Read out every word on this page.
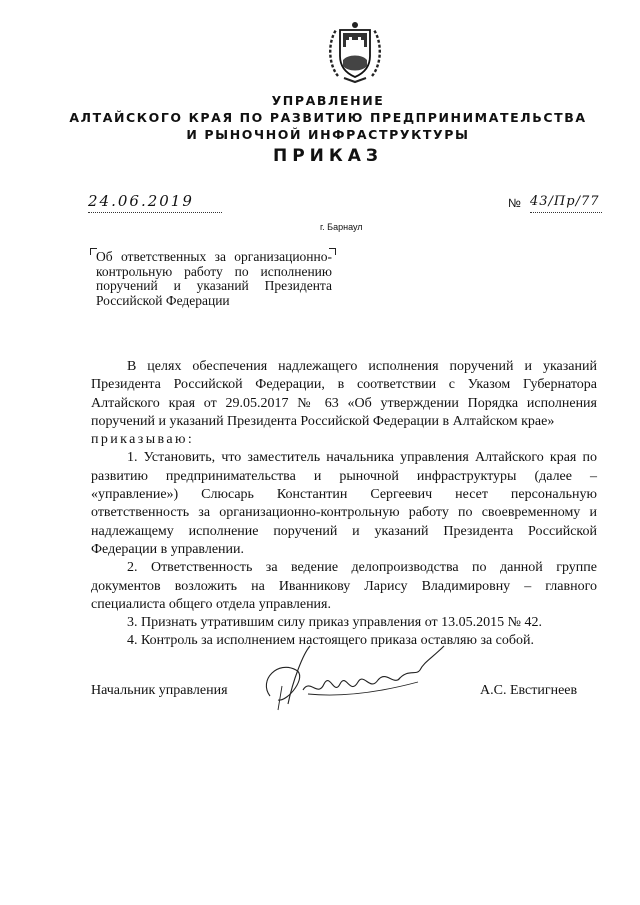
УПРАВЛЕНИЕ
АЛТАЙСКОГО КРАЯ ПО РАЗВИТИЮ ПРЕДПРИНИМАТЕЛЬСТВА
И РЫНОЧНОЙ ИНФРАСТРУКТУРЫ
ПРИКАЗ
24.06.2019	№ 43/Пр/77
г. Барнаул
Об ответственных за организационно-контрольную работу по исполнению поручений и указаний Президента Российской Федерации

В целях обеспечения надлежащего исполнения поручений и указаний Президента Российской Федерации, в соответствии с Указом Губернатора Алтайского края от 29.05.2017 № 63 «Об утверждении Порядка исполнения поручений и указаний Президента Российской Федерации в Алтайском крае»

приказываю:

1. Установить, что заместитель начальника управления Алтайского края по развитию предпринимательства и рыночной инфраструктуры (далее – «управление») Слюсарь Константин Сергеевич несет персональную ответственность за организационно-контрольную работу по своевременному и надлежащему исполнение поручений и указаний Президента Российской Федерации в управлении.

2. Ответственность за ведение делопроизводства по данной группе документов возложить на Иванникову Ларису Владимировну – главного специалиста общего отдела управления.

3. Признать утратившим силу приказ управления от 13.05.2015 № 42.

4. Контроль за исполнением настоящего приказа оставляю за собой.

Начальник управления	А.С. Евстигнеев
